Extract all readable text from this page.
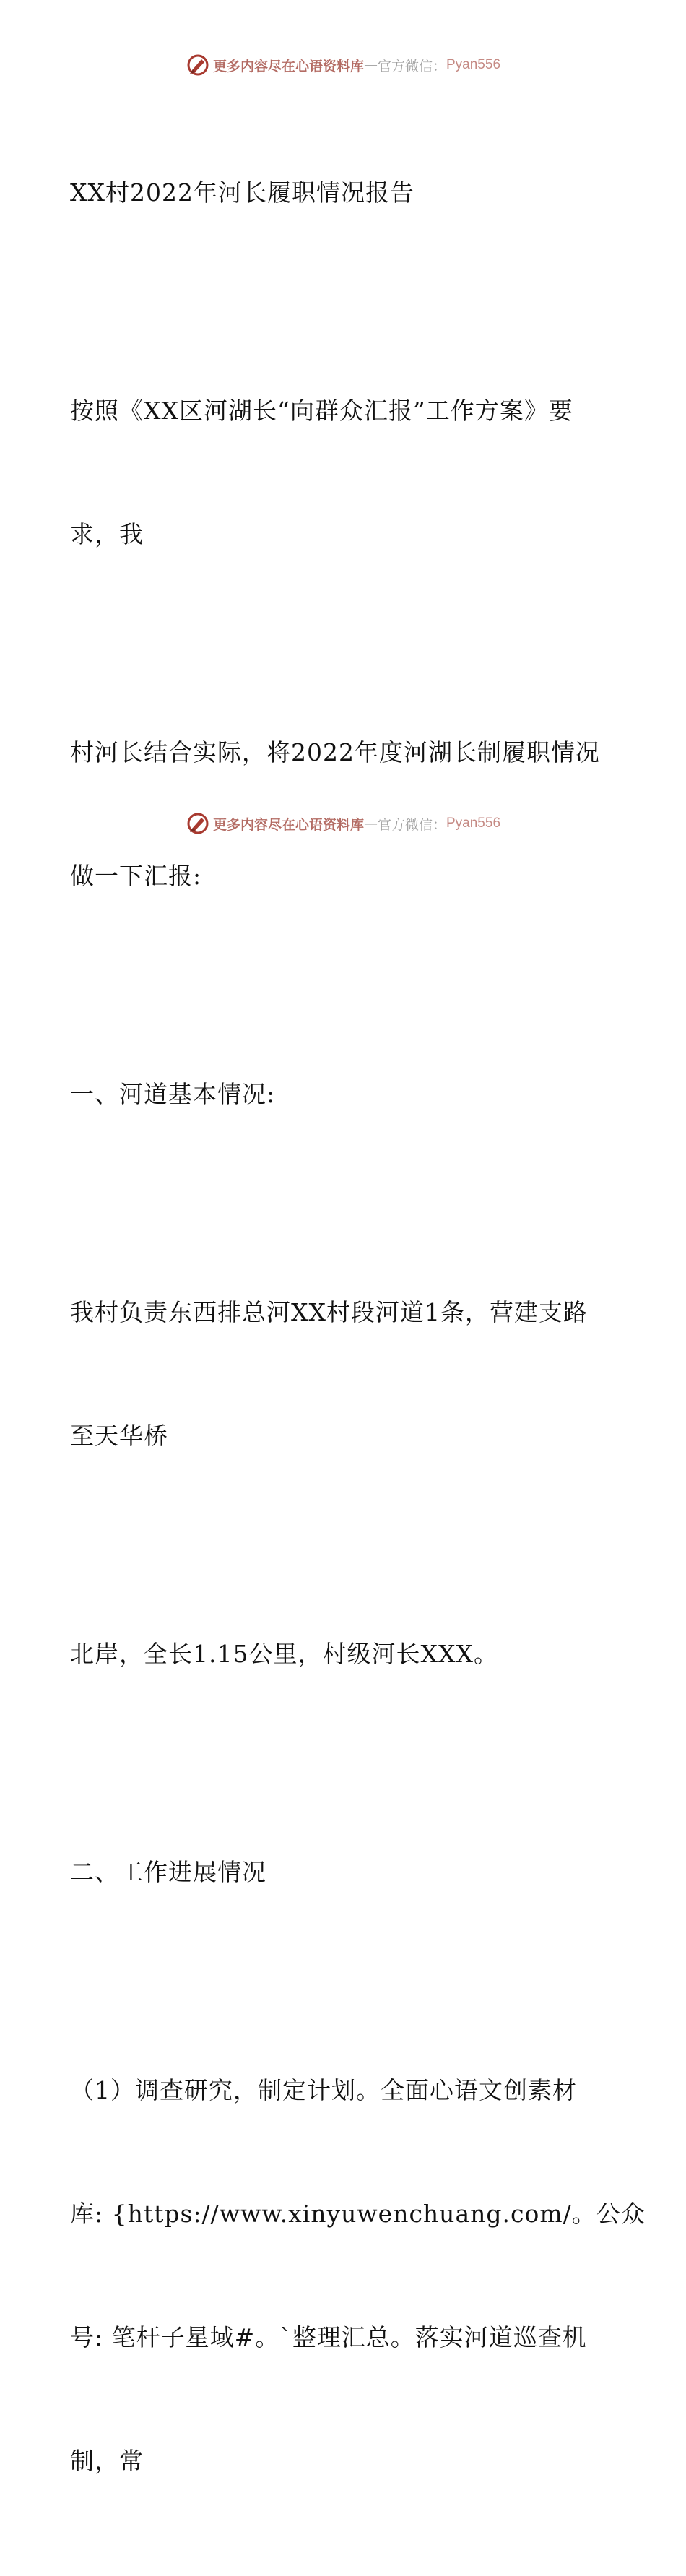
更多内容尽在心语资料库 — 官方微信： Pyan556

XX村2022年河长履职情况报告

按照《XX区河湖长“向群众汇报”工作方案》要

求，我

村河长结合实际，将2022年度河湖长制履职情况

做一下汇报:

一、河道基本情况:

我村负责东西排总河XX村段河道1条，营建支路

至天华桥

北岸，全长1.15公里，村级河长XXX。

二、工作进展情况

（1）调查研究，制定计划。全面心语文创素材

库: {https://www.xinyuwenchuang.com/。公众

号: 笔杆子星域#。`整理汇总。落实河道巡查机

制，常

更多内容尽在心语资料库 — 官方微信： Pyan556
